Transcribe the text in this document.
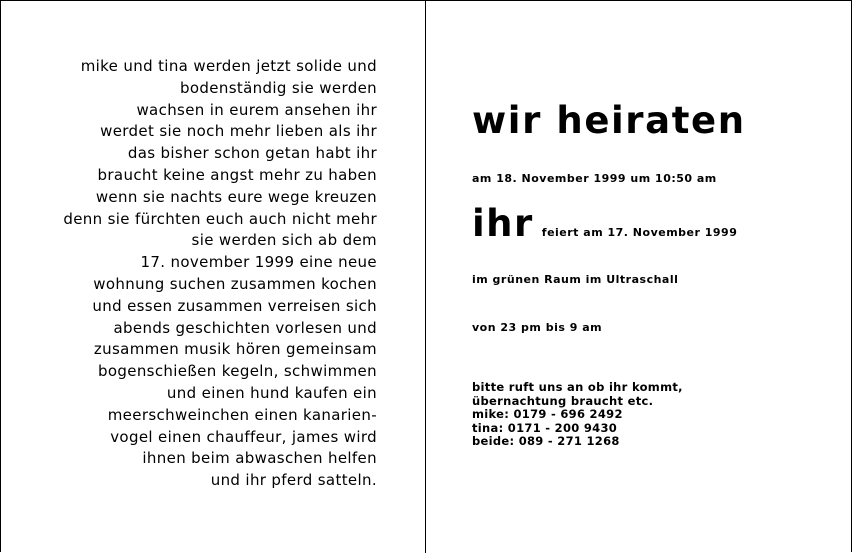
mike und tina werden jetzt solide und
bodenständig sie werden
wachsen in eurem ansehen ihr
werdet sie noch mehr lieben als ihr
das bisher schon getan habt ihr
braucht keine angst mehr zu haben
wenn sie nachts eure wege kreuzen
denn sie fürchten euch auch nicht mehr
sie werden sich ab dem
17. november 1999 eine neue
wohnung suchen zusammen kochen
und essen zusammen verreisen sich
abends geschichten vorlesen und
zusammen musik hören gemeinsam
bogenschießen kegeln, schwimmen
und einen hund kaufen ein
meerschweinchen einen kanarien-
vogel einen chauffeur, james wird
ihnen beim abwaschen helfen
und ihr pferd satteln.
wir heiraten
am 18. November 1999 um 10:50 am
ihr feiert am 17. November 1999
im grünen Raum im Ultraschall
von 23 pm bis 9 am
bitte ruft uns an ob ihr kommt,
übernachtung braucht etc.
mike: 0179 - 696 2492
tina: 0171 - 200 9430
beide: 089 - 271 1268
